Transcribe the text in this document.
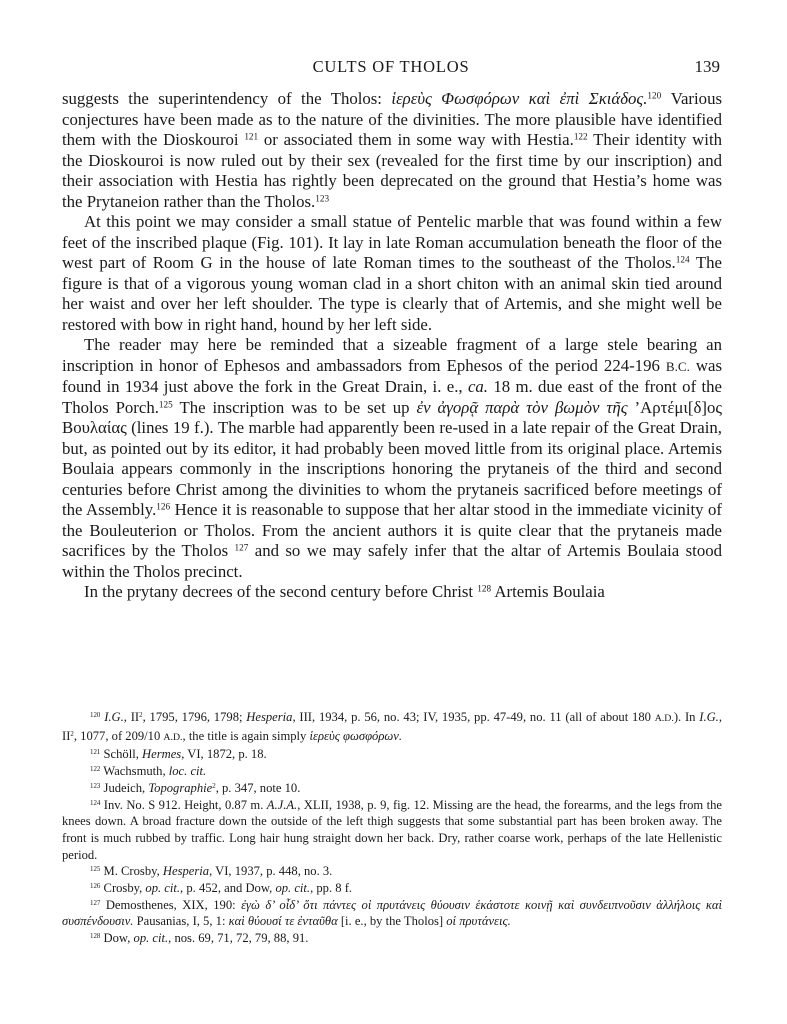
CULTS OF THOLOS	139

suggests the superintendency of the Tholos: ἱερεὺς Φωσφόρων καὶ ἐπὶ Σκιάδος.$^{120}$ Various conjectures have been made as to the nature of the divinities. The more plausible have identified them with the Dioskouroi $^{121}$ or associated them in some way with Hestia.$^{122}$ Their identity with the Dioskouroi is now ruled out by their sex (revealed for the first time by our inscription) and their association with Hestia has rightly been deprecated on the ground that Hestia’s home was the Prytaneion rather than the Tholos.$^{123}$

At this point we may consider a small statue of Pentelic marble that was found within a few feet of the inscribed plaque (Fig. 101). It lay in late Roman accumulation beneath the floor of the west part of Room G in the house of late Roman times to the southeast of the Tholos.$^{124}$ The figure is that of a vigorous young woman clad in a short chiton with an animal skin tied around her waist and over her left shoulder. The type is clearly that of Artemis, and she might well be restored with bow in right hand, hound by her left side.

The reader may here be reminded that a sizeable fragment of a large stele bearing an inscription in honor of Ephesos and ambassadors from Ephesos of the period 224-196 B.C. was found in 1934 just above the fork in the Great Drain, i. e., ca. 18 m. due east of the front of the Tholos Porch.$^{125}$ The inscription was to be set up ἐν ἀγορᾷ παρὰ τὸν βωμὸν τῆς ’Αρτέμι[δ]ος Βουλαίας (lines 19 f.). The marble had apparently been re-used in a late repair of the Great Drain, but, as pointed out by its editor, it had probably been moved little from its original place. Artemis Boulaia appears commonly in the inscriptions honoring the prytaneis of the third and second centuries before Christ among the divinities to whom the prytaneis sacrificed before meetings of the Assembly.$^{126}$ Hence it is reasonable to suppose that her altar stood in the immediate vicinity of the Bouleuterion or Tholos. From the ancient authors it is quite clear that the prytaneis made sacrifices by the Tholos $^{127}$ and so we may safely infer that the altar of Artemis Boulaia stood within the Tholos precinct.

In the prytany decrees of the second century before Christ $^{128}$ Artemis Boulaia

$^{120}$ I.G., $II^2$, 1795, 1796, 1798; Hesperia, III, 1934, p. 56, no. 43; IV, 1935, pp. 47-49, no. 11 (all of about 180 A.D.). In I.G., $II^2$, 1077, of 209/10 A.D., the title is again simply ἱερεὺς φωσφόρων.

$^{121}$ Schöll, Hermes, VI, 1872, p. 18.

$^{122}$ Wachsmuth, loc. cit.

$^{123}$ Judeich, Topographie$^2$, p. 347, note 10.

$^{124}$ Inv. No. S 912. Height, 0.87 m. A.J.A., XLII, 1938, p. 9, fig. 12. Missing are the head, the forearms, and the legs from the knees down. A broad fracture down the outside of the left thigh suggests that some substantial part has been broken away. The front is much rubbed by traffic. Long hair hung straight down her back. Dry, rather coarse work, perhaps of the late Hellenistic period.

$^{125}$ M. Crosby, Hesperia, VI, 1937, p. 448, no. 3.

$^{126}$ Crosby, op. cit., p. 452, and Dow, op. cit., pp. 8 f.

$^{127}$ Demosthenes, XIX, 190: ἐγὼ δ’ οἶδ’ ὅτι πάντες οἱ πρυτάνεις θύουσιν ἑκάστοτε κοινῇ καὶ συνδειπνοῦσιν ἀλλήλοις καὶ συσπένδουσιν. Pausanias, I, 5, 1: καὶ θύουσί τε ἐνταῦθα [i. e., by the Tholos] οἱ πρυτάνεις.

$^{128}$ Dow, op. cit., nos. 69, 71, 72, 79, 88, 91.
